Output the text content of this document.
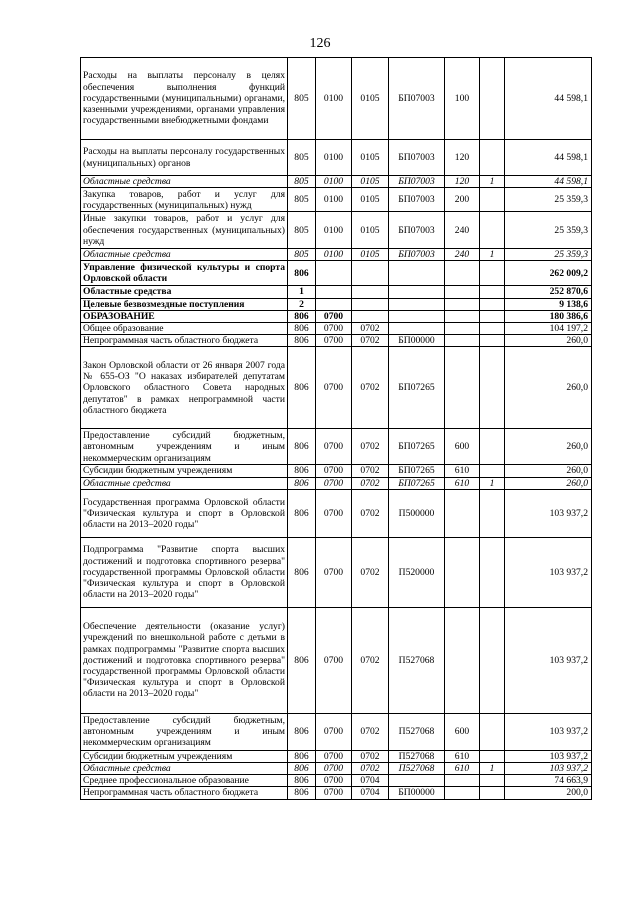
126
Расходы на выплаты персоналу в целях обеспечения выполнения функций государственными (муниципальными) органами, казенными учреждениями, органами управления государственными внебюджетными фондами	805	0100	0105	БП07003	100		44 598,1
Расходы на выплаты персоналу государственных (муниципальных) органов	805	0100	0105	БП07003	120		44 598,1
Областные средства	805	0100	0105	БП07003	120	1	44 598,1
Закупка товаров, работ и услуг для государственных (муниципальных) нужд	805	0100	0105	БП07003	200		25 359,3
Иные закупки товаров, работ и услуг для обеспечения государственных (муниципальных) нужд	805	0100	0105	БП07003	240		25 359,3
Областные средства	805	0100	0105	БП07003	240	1	25 359,3
Управление физической культуры и спорта Орловской области	806						262 009,2
Областные средства	1						252 870,6
Целевые безвозмездные поступления	2						9 138,6
ОБРАЗОВАНИЕ	806	0700					180 386,6
Общее образование	806	0700	0702				104 197,2
Непрограммная часть областного бюджета	806	0700	0702	БП00000			260,0
Закон Орловской области от 26 января 2007 года № 655-ОЗ "О наказах избирателей депутатам Орловского областного Совета народных депутатов" в рамках непрограммной части областного бюджета	806	0700	0702	БП07265			260,0
Предоставление субсидий бюджетным, автономным учреждениям и иным некоммерческим организациям	806	0700	0702	БП07265	600		260,0
Субсидии бюджетным учреждениям	806	0700	0702	БП07265	610		260,0
Областные средства	806	0700	0702	БП07265	610	1	260,0
Государственная программа Орловской области "Физическая культура и спорт в Орловской области на 2013–2020 годы"	806	0700	0702	П500000			103 937,2
Подпрограмма "Развитие спорта высших достижений и подготовка спортивного резерва" государственной программы Орловской области "Физическая культура и спорт в Орловской области на 2013–2020 годы"	806	0700	0702	П520000			103 937,2
Обеспечение деятельности (оказание услуг) учреждений по внешкольной работе с детьми в рамках подпрограммы "Развитие спорта высших достижений и подготовка спортивного резерва" государственной программы Орловской области "Физическая культура и спорт в Орловской области на 2013–2020 годы"	806	0700	0702	П527068			103 937,2
Предоставление субсидий бюджетным, автономным учреждениям и иным некоммерческим организациям	806	0700	0702	П527068	600		103 937,2
Субсидии бюджетным учреждениям	806	0700	0702	П527068	610		103 937,2
Областные средства	806	0700	0702	П527068	610	1	103 937,2
Среднее профессиональное образование	806	0700	0704				74 663,9
Непрограммная часть областного бюджета	806	0700	0704	БП00000			200,0
